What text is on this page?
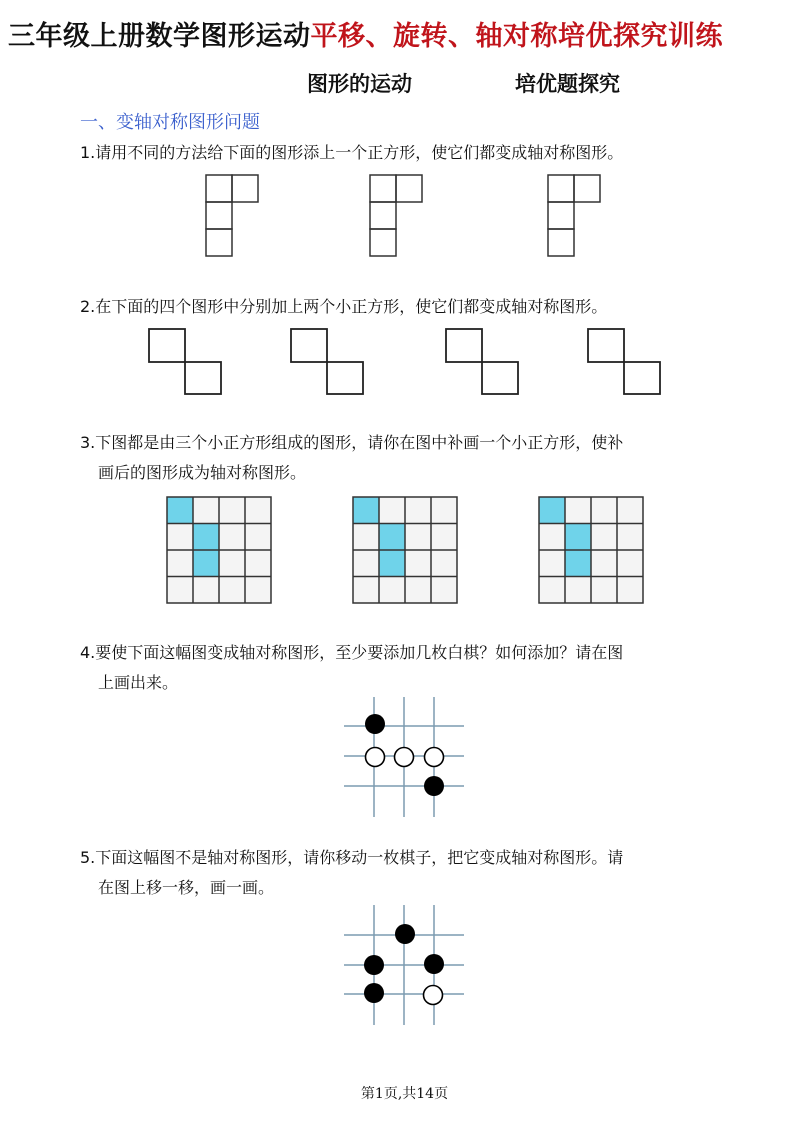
三年级上册数学图形运动平移、旋转、轴对称培优探究训练
图形的运动	培优题探究
一、变轴对称图形问题
1.请用不同的方法给下面的图形添上一个正方形，使它们都变成轴对称图形。
2.在下面的四个图形中分别加上两个小正方形，使它们都变成轴对称图形。
3.下图都是由三个小正方形组成的图形，请你在图中补画一个小正方形，使补
画后的图形成为轴对称图形。
4.要使下面这幅图变成轴对称图形，至少要添加几枚白棋？如何添加？请在图
上画出来。
5.下面这幅图不是轴对称图形，请你移动一枚棋子，把它变成轴对称图形。请
在图上移一移，画一画。
第1页,共14页
